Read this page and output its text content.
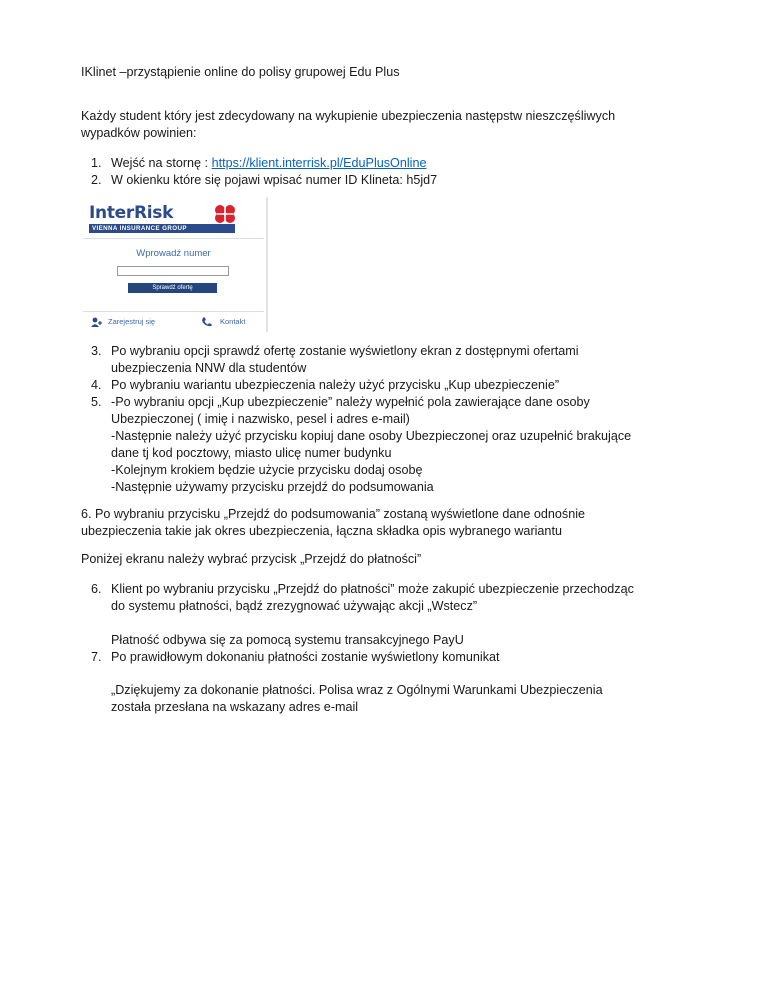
IKlinet –przystąpienie online do polisy grupowej Edu Plus

Każdy student który jest zdecydowany na wykupienie ubezpieczenia następstw nieszczęśliwych

wypadków powinien:

1. Wejść na stornę : https://klient.interrisk.pl/EduPlusOnline
2. W okienku które się pojawi wpisać numer ID Klineta: h5jd7
InterRisk
VIENNA INSURANCE GROUP
Wprowadź numer
Sprawdź ofertę
Zarejestruj się	Kontakt
3. Po wybraniu opcji sprawdź ofertę zostanie wyświetlony ekran z dostępnymi ofertami

ubezpieczenia NNW dla studentów

4. Po wybraniu wariantu ubezpieczenia należy użyć przycisku „Kup ubezpieczenie”

5. -Po wybraniu opcji „Kup ubezpieczenie” należy wypełnić pola zawierające dane osoby

Ubezpieczonej ( imię i nazwisko, pesel i adres e-mail)

-Następnie należy użyć przycisku kopiuj dane osoby Ubezpieczonej oraz uzupełnić brakujące

dane tj kod pocztowy, miasto ulicę numer budynku

-Kolejnym krokiem będzie użycie przycisku dodaj osobę

-Następnie używamy przycisku przejdź do podsumowania

6. Po wybraniu przycisku „Przejdź do podsumowania” zostaną wyświetlone dane odnośnie

ubezpieczenia takie jak okres ubezpieczenia, łączna składka opis wybranego wariantu

Poniżej ekranu należy wybrać przycisk „Przejdź do płatności”

6. Klient po wybraniu przycisku „Przejdź do płatności” może zakupić ubezpieczenie przechodząc

do systemu płatności, bądź zrezygnować używając akcji „Wstecz”

Płatność odbywa się za pomocą systemu transakcyjnego PayU

7. Po prawidłowym dokonaniu płatności zostanie wyświetlony komunikat

„Dziękujemy za dokonanie płatności. Polisa wraz z Ogólnymi Warunkami Ubezpieczenia

została przesłana na wskazany adres e-mail
